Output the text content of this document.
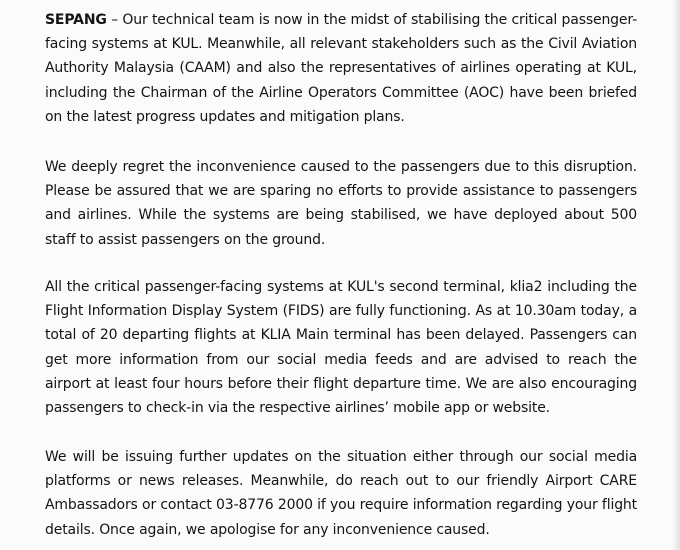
SEPANG – Our technical team is now in the midst of stabilising the critical passenger-facing systems at KUL. Meanwhile, all relevant stakeholders such as the Civil Aviation Authority Malaysia (CAAM) and also the representatives of airlines operating at KUL, including the Chairman of the Airline Operators Committee (AOC) have been briefed on the latest progress updates and mitigation plans.

We deeply regret the inconvenience caused to the passengers due to this disruption. Please be assured that we are sparing no efforts to provide assistance to passengers and airlines. While the systems are being stabilised, we have deployed about 500 staff to assist passengers on the ground.

All the critical passenger-facing systems at KUL's second terminal, klia2 including the Flight Information Display System (FIDS) are fully functioning. As at 10.30am today, a total of 20 departing flights at KLIA Main terminal has been delayed. Passengers can get more information from our social media feeds and are advised to reach the airport at least four hours before their flight departure time. We are also encouraging passengers to check-in via the respective airlines’ mobile app or website.

We will be issuing further updates on the situation either through our social media platforms or news releases. Meanwhile, do reach out to our friendly Airport CARE Ambassadors or contact 03-8776 2000 if you require information regarding your flight details. Once again, we apologise for any inconvenience caused.
